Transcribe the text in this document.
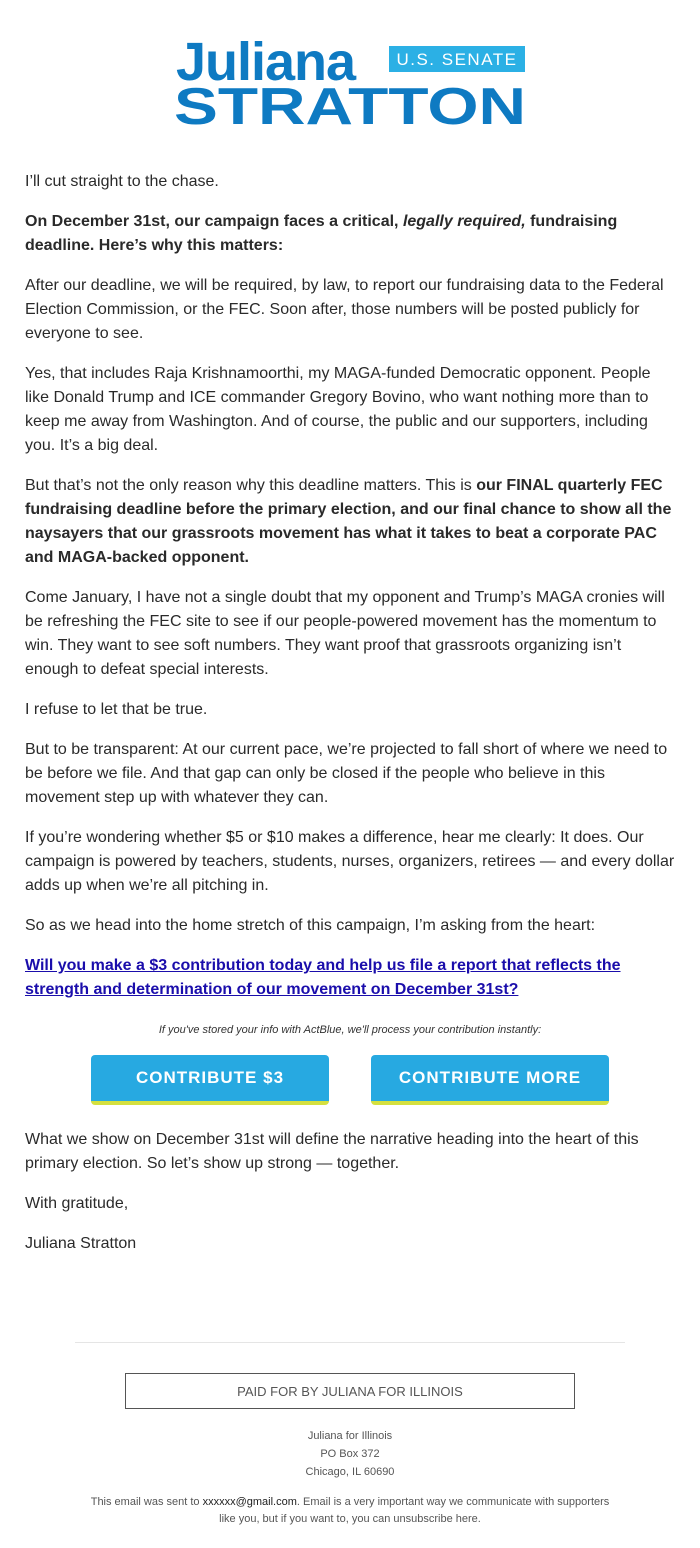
Juliana U.S. SENATE
STRATTON

I’ll cut straight to the chase.

On December 31st, our campaign faces a critical, legally required, fundraising deadline. Here’s why this matters:

After our deadline, we will be required, by law, to report our fundraising data to the Federal Election Commission, or the FEC. Soon after, those numbers will be posted publicly for everyone to see.

Yes, that includes Raja Krishnamoorthi, my MAGA-funded Democratic opponent. People like Donald Trump and ICE commander Gregory Bovino, who want nothing more than to keep me away from Washington. And of course, the public and our supporters, including you. It’s a big deal.

But that’s not the only reason why this deadline matters. This is our FINAL quarterly FEC fundraising deadline before the primary election, and our final chance to show all the naysayers that our grassroots movement has what it takes to beat a corporate PAC and MAGA-backed opponent.

Come January, I have not a single doubt that my opponent and Trump’s MAGA cronies will be refreshing the FEC site to see if our people-powered movement has the momentum to win. They want to see soft numbers. They want proof that grassroots organizing isn’t enough to defeat special interests.

I refuse to let that be true.

But to be transparent: At our current pace, we’re projected to fall short of where we need to be before we file. And that gap can only be closed if the people who believe in this movement step up with whatever they can.

If you’re wondering whether $5 or $10 makes a difference, hear me clearly: It does. Our campaign is powered by teachers, students, nurses, organizers, retirees — and every dollar adds up when we’re all pitching in.

So as we head into the home stretch of this campaign, I’m asking from the heart:

Will you make a $3 contribution today and help us file a report that reflects the strength and determination of our movement on December 31st?
If you've stored your info with ActBlue, we'll process your contribution instantly:
CONTRIBUTE $3	CONTRIBUTE MORE

What we show on December 31st will define the narrative heading into the heart of this primary election. So let’s show up strong — together.

With gratitude,

Juliana Stratton

PAID FOR BY JULIANA FOR ILLINOIS
Juliana for Illinois
PO Box 372
Chicago, IL 60690
This email was sent to xxxxxx@gmail.com. Email is a very important way we communicate with supporters like you, but if you want to, you can unsubscribe here.
